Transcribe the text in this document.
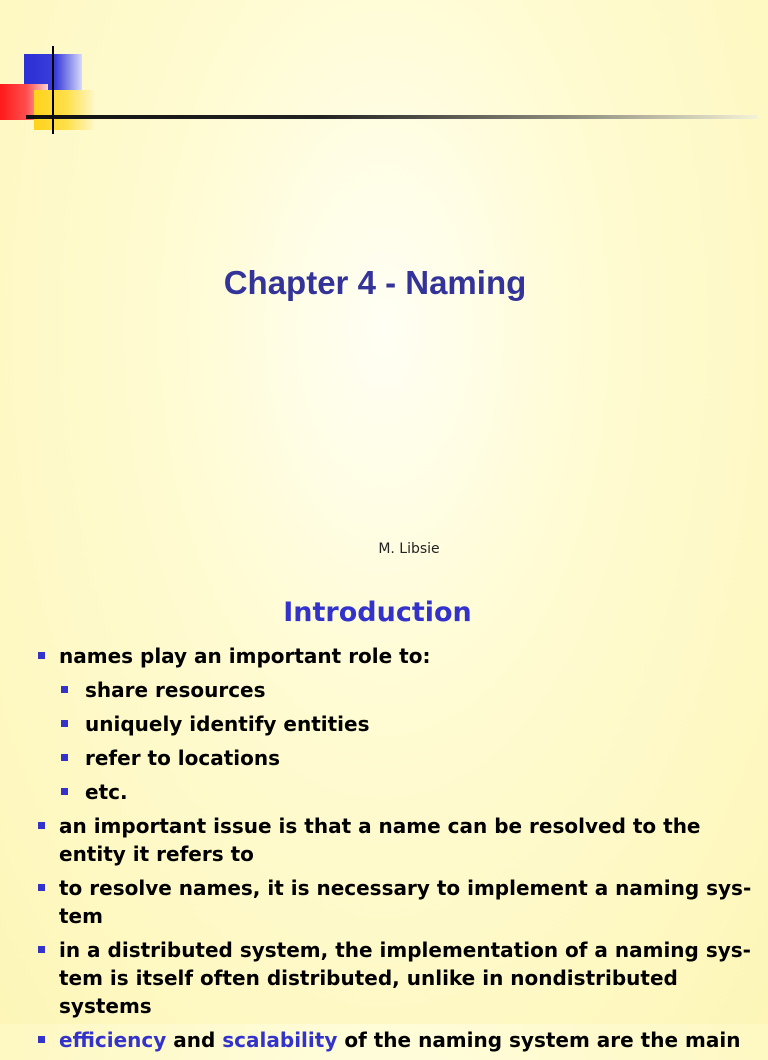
Chapter 4 - Naming

M. Libsie

Introduction
names play an important role to:
share resources
uniquely identify entities
refer to locations
etc.
an important issue is that a name can be resolved to the entity it refers to
to resolve names, it is necessary to implement a naming sys-tem
in a distributed system, the implementation of a naming sys-tem is itself often distributed, unlike in nondistributed systems
efficiency and scalability of the naming system are the main
